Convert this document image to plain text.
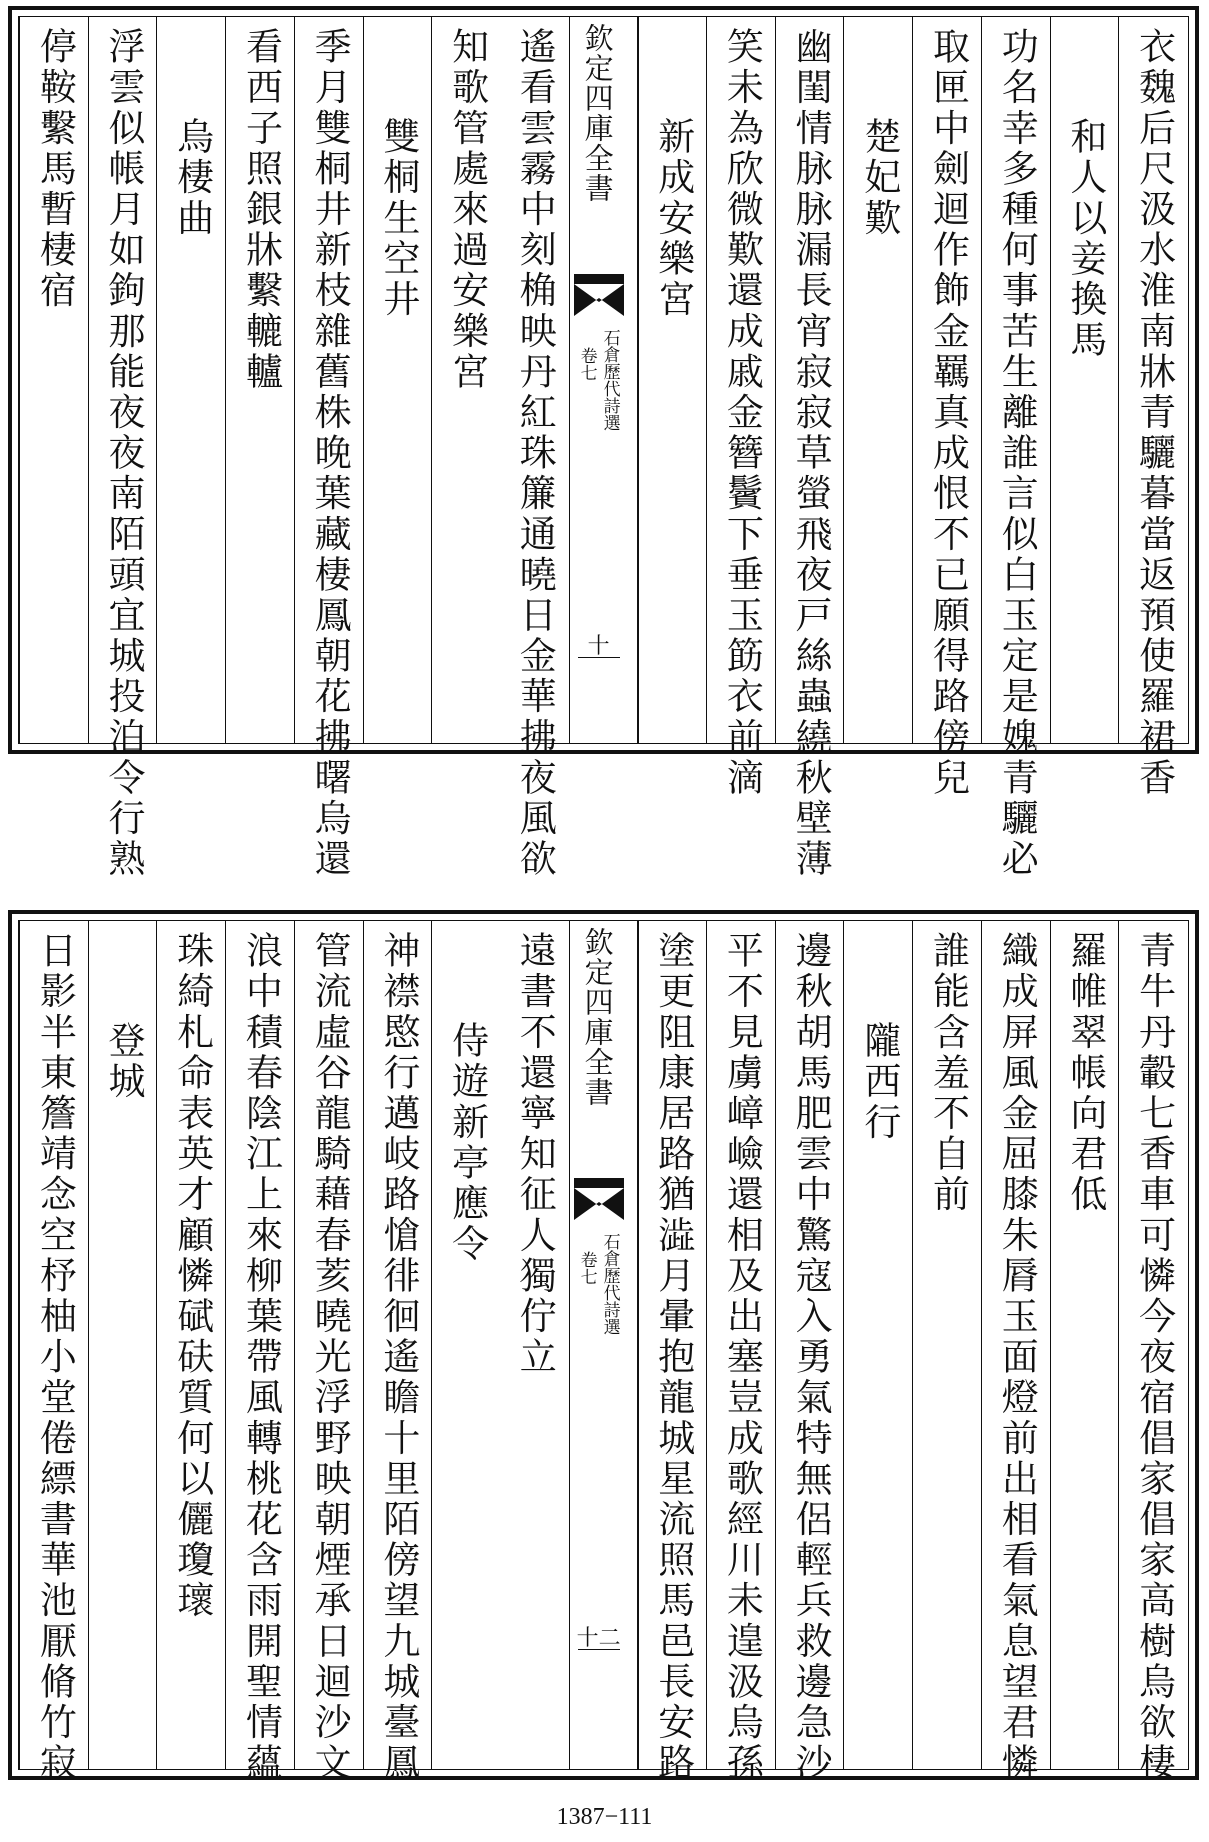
衣魏后尺汲水淮南牀青驪暮當返預使羅裙香
和人以妾換馬
功名幸多種何事苦生離誰言似白玉定是媿青驪必
取匣中劍迴作飾金羈真成恨不已願得路傍兒
楚妃歎
幽閨情脉脉漏長宵寂寂草螢飛夜戸絲蟲繞秋壁薄
笑未為欣微歎還成戚金簪鬢下垂玉筯衣前滴
新成安樂宮
欽定四庫全書
石倉歷代詩選
卷七
十
遙看雲霧中刻桷映丹紅珠簾通曉日金華拂夜風欲
知歌管處來過安樂宮
雙桐生空井
季月雙桐井新枝雜舊株晚葉藏棲鳳朝花拂曙烏還
看西子照銀牀繫轆轤
烏棲曲
浮雲似帳月如鉤那能夜夜南陌頭宜城投泊令行熟
停鞍繫馬暫棲宿
青牛丹轂七香車可憐今夜宿倡家倡家高樹烏欲棲
羅帷翠帳向君低
織成屏風金屈膝朱脣玉面燈前出相看氣息望君憐
誰能含羞不自前
隴西行
邊秋胡馬肥雲中驚寇入勇氣特無侶輕兵救邊急沙
平不見虜嶂嶮還相及出塞豈成歌經川未遑汲烏孫
塗更阻康居路猶澁月暈抱龍城星流照馬邑長安路
欽定四庫全書
石倉歷代詩選
卷七
十二
遠書不還寧知征人獨佇立
侍遊新亭應令
神襟愍行邁岐路愴徘徊遙瞻十里陌傍望九城臺鳳
管流虛谷龍騎藉春荄曉光浮野映朝煙承日迴沙文
浪中積春陰江上來柳葉帶風轉桃花含雨開聖情蘊
珠綺札命表英才顧憐碔砆質何以儷瓊瓌
登城
日影半東簷靖念空杼柚小堂倦縹書華池厭脩竹寂
1387−111
